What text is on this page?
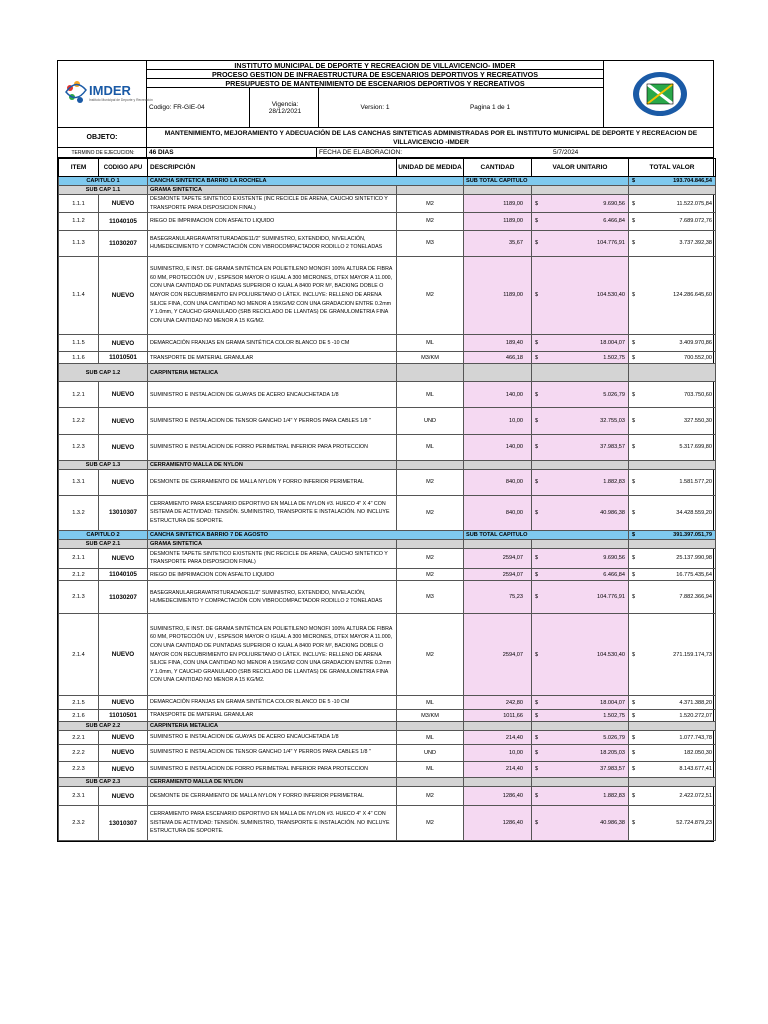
IMDER
Instituto Municipal de Deporte y Recreación
INSTITUTO MUNICIPAL DE DEPORTE Y RECREACION DE VILLAVICENCIO- IMDER
PROCESO GESTION DE INFRAESTRUCTURA DE ESCENARIOS DEPORTIVOS Y RECREATIVOS
PRESUPUESTO DE MANTENIMIENTO DE ESCENARIOS DEPORTIVOS Y RECREATIVOS
Codigo: FR-GIE-04	Vigencia:
28/12/2021	Version: 1	Pagina 1 de 1
OBJETO:
MANTENIMIENTO, MEJORAMIENTO Y ADECUACIÓN DE LAS CANCHAS SINTETICAS ADMINISTRADAS POR EL INSTITUTO MUNICIPAL DE DEPORTE Y RECREACION DE VILLAVICENCIO -IMDER
TERMINO DE EJECUCION:	46 DIAS	FECHA DE ELABORACION:	5/7/2024
ITEM	CODIGO APU	DESCRIPCIÓN	UNIDAD DE MEDIDA	CANTIDAD	VALOR UNITARIO	TOTAL VALOR
CAPITULO 1		CANCHA SINTETICA BARRIO LA ROCHELA		SUB TOTAL CAPITULO		$ 193.704.846,54

SUB CAP 1.1		GRAMA SINTETICA				
1.1.1	NUEVO	DESMONTE TAPETE SINTETICO EXISTENTE (INC RECICLE DE ARENA, CAUCHO SINTETICO Y TRANSPORTE PARA DISPOSICION FINAL)	M2	1189,00	$ 9.690,56	$ 11.522.075,84

1.1.2	11040105	RIEGO DE IMPRIMACION CON ASFALTO LIQUIDO	M2	1189,00	$ 6.466,84	$ 7.689.072,76

1.1.3	11030207	BASEGRANULARGRAVATRITURADADE11/2" SUMINISTRO, EXTENDIDO, NIVELACIÓN, HUMEDECIMIENTO Y COMPACTACIÓN CON VIBROCOMPACTADOR RODILLO 2 TONELADAS	M3	35,67	$ 104.776,91	$ 3.737.392,38

1.1.4	NUEVO	SUMINISTRO, E INST. DE GRAMA SINTÉTICA EN POLIETILENO MONOFI 100% ALTURA DE FIBRA 60 MM, PROTECCIÓN UV , ESPESOR MAYOR O IGUAL A 300 MICRONES, DTEX MAYOR A 11.000, CON UNA CANTIDAD DE PUNTADAS SUPERIOR O IGUAL A 8400 POR M², BACKING DOBLE O MAYOR CON RECUBRIMIENTO EN POLIURETANO O LÁTEX. INCLUYE: RELLENO DE ARENA SILICE FINA, CON UNA CANTIDAD NO MENOR A 15KG/M2 CON UNA GRADACION ENTRE 0.2mm Y 1.0mm, Y CAUCHO GRANULADO (SRB RECICLADO DE LLANTAS) DE GRANULOMETRIA FINA CON UNA CANTIDAD NO MENOR A 15 KG/M2.	M2	1189,00	$ 104.530,40	$ 124.286.645,60

1.1.5	NUEVO	DEMARCACIÓN FRANJAS EN GRAMA SINTÉTICA COLOR BLANCO DE 5 -10 CM	ML	189,40	$ 18.004,07	$ 3.409.970,86

1.1.6	11010501	TRANSPORTE DE MATERIAL GRANULAR	M3/KM	466,18	$ 1.502,75	$ 700.552,00

SUB CAP 1.2		CARPINTERIA METALICA				
1.2.1	NUEVO	SUMINISTRO E INSTALACION DE GUAYAS DE ACERO ENCAUCHETADA 1/8	ML	140,00	$ 5.026,79	$ 703.750,60

1.2.2	NUEVO	SUMINISTRO E INSTALACION DE TENSOR GANCHO 1/4" Y PERROS PARA CABLES 1/8 "	UND	10,00	$ 32.755,03	$ 327.550,30

1.2.3	NUEVO	SUMINISTRO E INSTALACION DE FORRO PERIMETRAL INFERIOR PARA PROTECCION	ML	140,00	$ 37.983,57	$ 5.317.699,80

SUB CAP 1.3		CERRAMIENTO MALLA DE NYLON				
1.3.1	NUEVO	DESMONTE DE CERRAMIENTO DE MALLA NYLON Y FORRO INFERIOR PERIMETRAL	M2	840,00	$ 1.882,83	$ 1.581.577,20

1.3.2	13010307	CERRAMIENTO PARA ESCENARIO DEPORTIVO EN MALLA DE NYLON #3. HUECO 4" X 4" CON SISTEMA DE ACTIVIDAD: TENSIÓN. SUMINISTRO, TRANSPORTE E INSTALACIÓN. NO INCLUYE ESTRUCTURA DE SOPORTE.	M2	840,00	$ 40.986,38	$ 34.428.559,20

CAPITULO 2		CANCHA SINTETICA BARRIO 7 DE AGOSTO		SUB TOTAL CAPITULO		$ 391.397.051,79

SUB CAP 2.1		GRAMA SINTETICA				
2.1.1	NUEVO	DESMONTE TAPETE SINTETICO EXISTENTE (INC RECICLE DE ARENA, CAUCHO SINTETICO Y TRANSPORTE PARA DISPOSICION FINAL)	M2	2594,07	$ 9.690,56	$ 25.137.990,98

2.1.2	11040105	RIEGO DE IMPRIMACION CON ASFALTO LIQUIDO	M2	2594,07	$ 6.466,84	$ 16.775.435,64

2.1.3	11030207	BASEGRANULARGRAVATRITURADADE11/2" SUMINISTRO, EXTENDIDO, NIVELACIÓN, HUMEDECIMIENTO Y COMPACTACIÓN CON VIBROCOMPACTADOR RODILLO 2 TONELADAS	M3	75,23	$ 104.776,91	$ 7.882.366,94

2.1.4	NUEVO	SUMINISTRO, E INST. DE GRAMA SINTÉTICA EN POLIETILENO MONOFI 100% ALTURA DE FIBRA 60 MM, PROTECCIÓN UV , ESPESOR MAYOR O IGUAL A 300 MICRONES, DTEX MAYOR A 11.000, CON UNA CANTIDAD DE PUNTADAS SUPERIOR O IGUAL A 8400 POR M², BACKING DOBLE O MAYOR CON RECUBRIMIENTO EN POLIURETANO O LÁTEX. INCLUYE: RELLENO DE ARENA SILICE FINA, CON UNA CANTIDAD NO MENOR A 15KG/M2 CON UNA GRADACION ENTRE 0.2mm Y 1.0mm, Y CAUCHO GRANULADO (SRB RECICLADO DE LLANTAS) DE GRANULOMETRIA FINA CON UNA CANTIDAD NO MENOR A 15 KG/M2.	M2	2594,07	$ 104.530,40	$ 271.159.174,73

2.1.5	NUEVO	DEMARCACIÓN FRANJAS EN GRAMA SINTÉTICA COLOR BLANCO DE 5 -10 CM	ML	242,80	$ 18.004,07	$ 4.371.388,20

2.1.6	11010501	TRANSPORTE DE MATERIAL GRANULAR	M3/KM	1011,66	$ 1.502,75	$ 1.520.272,07

SUB CAP 2.2		CARPINTERIA METALICA				
2.2.1	NUEVO	SUMINISTRO E INSTALACION DE GUAYAS DE ACERO ENCAUCHETADA 1/8	ML	214,40	$ 5.026,79	$ 1.077.743,78

2.2.2	NUEVO	SUMINISTRO E INSTALACION DE TENSOR GANCHO 1/4" Y PERROS PARA CABLES 1/8 "	UND	10,00	$ 18.205,03	$ 182.050,30

2.2.3	NUEVO	SUMINISTRO E INSTALACION DE FORRO PERIMETRAL INFERIOR PARA PROTECCION	ML	214,40	$ 37.983,57	$ 8.143.677,41

SUB CAP 2.3		CERRAMIENTO MALLA DE NYLON				
2.3.1	NUEVO	DESMONTE DE CERRAMIENTO DE MALLA NYLON Y FORRO INFERIOR PERIMETRAL	M2	1286,40	$ 1.882,83	$ 2.422.072,51

2.3.2	13010307	CERRAMIENTO PARA ESCENARIO DEPORTIVO EN MALLA DE NYLON #3. HUECO 4" X 4" CON SISTEMA DE ACTIVIDAD: TENSIÓN. SUMINISTRO, TRANSPORTE E INSTALACIÓN. NO INCLUYE ESTRUCTURA DE SOPORTE.	M2	1286,40	$ 40.986,38	$ 52.724.879,23
